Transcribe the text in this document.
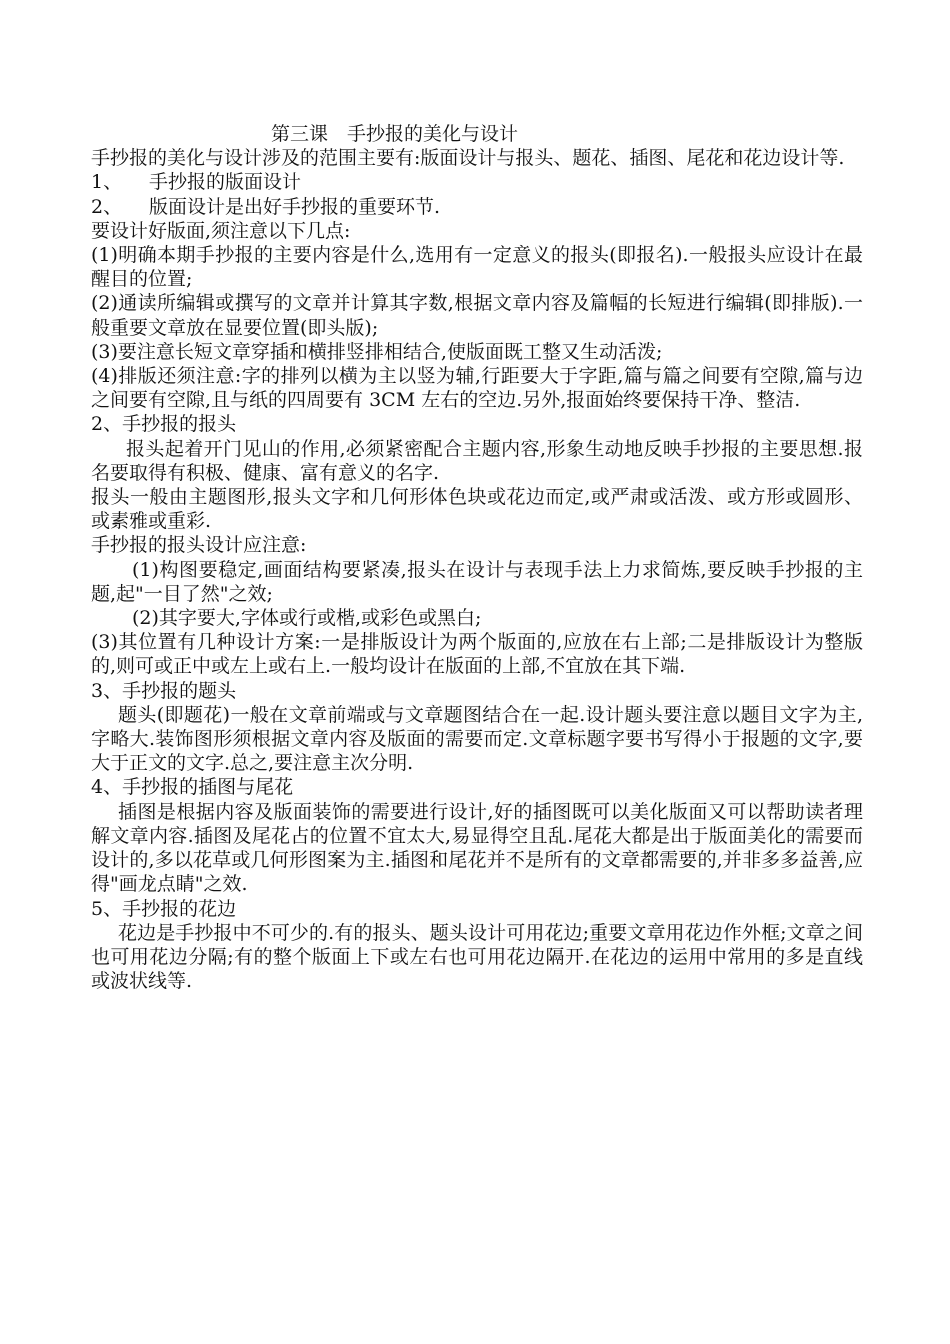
第三课　手抄报的美化与设计

手抄报的美化与设计涉及的范围主要有:版面设计与报头、题花、插图、尾花和花边设计等.

1、 手抄报的版面设计

2、 版面设计是出好手抄报的重要环节.

要设计好版面,须注意以下几点:

(1)明确本期手抄报的主要内容是什么,选用有一定意义的报头(即报名).一般报头应设计在最醒目的位置;

(2)通读所编辑或撰写的文章并计算其字数,根据文章内容及篇幅的长短进行编辑(即排版).一般重要文章放在显要位置(即头版);

(3)要注意长短文章穿插和横排竖排相结合,使版面既工整又生动活泼;

(4)排版还须注意:字的排列以横为主以竖为辅,行距要大于字距,篇与篇之间要有空隙,篇与边之间要有空隙,且与纸的四周要有 3CM 左右的空边.另外,报面始终要保持干净、整洁.

2、手抄报的报头

报头起着开门见山的作用,必须紧密配合主题内容,形象生动地反映手抄报的主要思想.报名要取得有积极、健康、富有意义的名字.

报头一般由主题图形,报头文字和几何形体色块或花边而定,或严肃或活泼、或方形或圆形、或素雅或重彩.

手抄报的报头设计应注意:

(1)构图要稳定,画面结构要紧凑,报头在设计与表现手法上力求简炼,要反映手抄报的主题,起"一目了然"之效;

(2)其字要大,字体或行或楷,或彩色或黑白;

(3)其位置有几种设计方案:一是排版设计为两个版面的,应放在右上部;二是排版设计为整版的,则可或正中或左上或右上.一般均设计在版面的上部,不宜放在其下端.

3、手抄报的题头

题头(即题花)一般在文章前端或与文章题图结合在一起.设计题头要注意以题目文字为主,字略大.装饰图形须根据文章内容及版面的需要而定.文章标题字要书写得小于报题的文字,要大于正文的文字.总之,要注意主次分明.

4、手抄报的插图与尾花

插图是根据内容及版面装饰的需要进行设计,好的插图既可以美化版面又可以帮助读者理解文章内容.插图及尾花占的位置不宜太大,易显得空且乱.尾花大都是出于版面美化的需要而设计的,多以花草或几何形图案为主.插图和尾花并不是所有的文章都需要的,并非多多益善,应得"画龙点睛"之效.

5、手抄报的花边

花边是手抄报中不可少的.有的报头、题头设计可用花边;重要文章用花边作外框;文章之间也可用花边分隔;有的整个版面上下或左右也可用花边隔开.在花边的运用中常用的多是直线或波状线等.
